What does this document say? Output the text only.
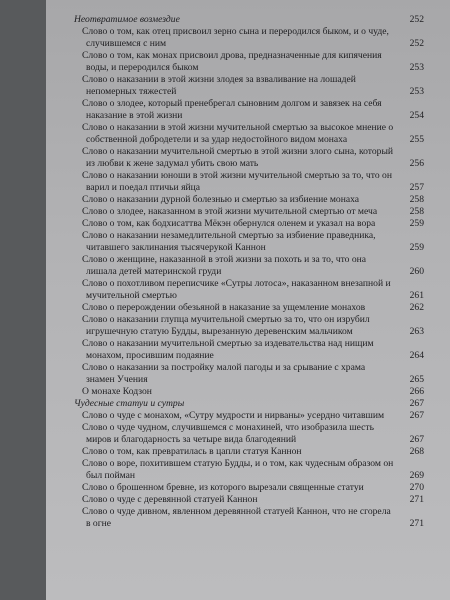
Неотвратимое возмездие	252
Слово о том, как отец присвоил зерно сына и переродился быком, и о чуде, случившемся с ним	252
Слово о том, как монах присвоил дрова, предназначенные для кипячения воды, и переродился быком	253
Слово о наказании в этой жизни злодея за взваливание на лошадей непомерных тяжестей	253
Слово о злодее, который пренебрегал сыновним долгом и завязек на себя наказание в этой жизни	254
Слово о наказании в этой жизни мучительной смертью за высокое мнение о собственной добродетели и за удар недостойного видом монаха	255
Слово о наказании мучительной смертью в этой жизни злого сына, который из любви к жене задумал убить свою мать	256
Слово о наказании юноши в этой жизни мучительной смертью за то, что он варил и поедал птичьи яйца	257
Слово о наказании дурной болезнью и смертью за избиение монаха	258
Слово о злодее, наказанном в этой жизни мучительной смертью от меча	258
Слово о том, как бодхисаттва Мёкэн обернулся оленем и указал на вора	259
Слово о наказании незамедлительной смертью за избиение праведника, читавшего заклинания тысячерукой Каннон	259
Слово о женщине, наказанной в этой жизни за похоть и за то, что она лишала детей материнской груди	260
Слово о похотливом переписчике «Сутры лотоса», наказанном внезапной и мучительной смертью	261
Слово о перерождении обезьяной в наказание за ущемление монахов	262
Слово о наказании глупца мучительной смертью за то, что он изрубил игрушечную статую Будды, вырезанную деревенским мальчиком	263
Слово о наказании мучительной смертью за издевательства над нищим монахом, просившим подаяние	264
Слово о наказании за постройку малой пагоды и за срывание с храма знамен Учения	265
О монахе Кодзон	266
Чудесные статуи и сутры	267
Слово о чуде с монахом, «Сутру мудрости и нирваны» усердно читавшим	267
Слово о чуде чудном, случившемся с монахиней, что изобразила шесть миров и благодарность за четыре вида благодеяний	267
Слово о том, как превратилась в цапли статуя Каннон	268
Слово о воре, похитившем статую Будды, и о том, как чудесным образом он был пойман	269
Слово о брошенном бревне, из которого вырезали священные статуи	270
Слово о чуде с деревянной статуей Каннон	271
Слово о чуде дивном, явленном деревянной статуей Каннон, что не сгорела в огне	271
